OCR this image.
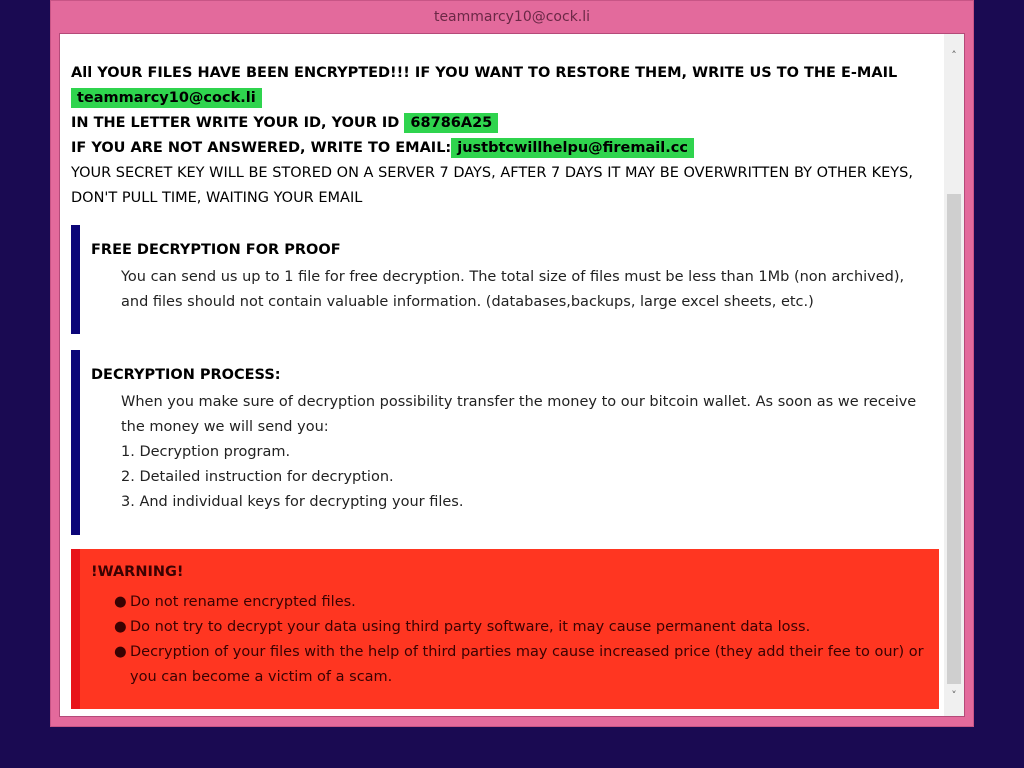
teammarcy10@cock.li
All YOUR FILES HAVE BEEN ENCRYPTED!!! IF YOU WANT TO RESTORE THEM, WRITE US TO THE E-MAIL
teammarcy10@cock.li
IN THE LETTER WRITE YOUR ID, YOUR ID 68786A25
IF YOU ARE NOT ANSWERED, WRITE TO EMAIL: justbtcwillhelpu@firemail.cc
YOUR SECRET KEY WILL BE STORED ON A SERVER 7 DAYS, AFTER 7 DAYS IT MAY BE OVERWRITTEN BY OTHER KEYS,
DON'T PULL TIME, WAITING YOUR EMAIL
FREE DECRYPTION FOR PROOF
You can send us up to 1 file for free decryption. The total size of files must be less than 1Mb (non archived), and files should not contain valuable information. (databases,backups, large excel sheets, etc.)
DECRYPTION PROCESS:
When you make sure of decryption possibility transfer the money to our bitcoin wallet. As soon as we receive the money we will send you:
1. Decryption program.
2. Detailed instruction for decryption.
3. And individual keys for decrypting your files.
!WARNING!
● Do not rename encrypted files.
● Do not try to decrypt your data using third party software, it may cause permanent data loss.
● Decryption of your files with the help of third parties may cause increased price (they add their fee to our) or you can become a victim of a scam.
˄
˅
